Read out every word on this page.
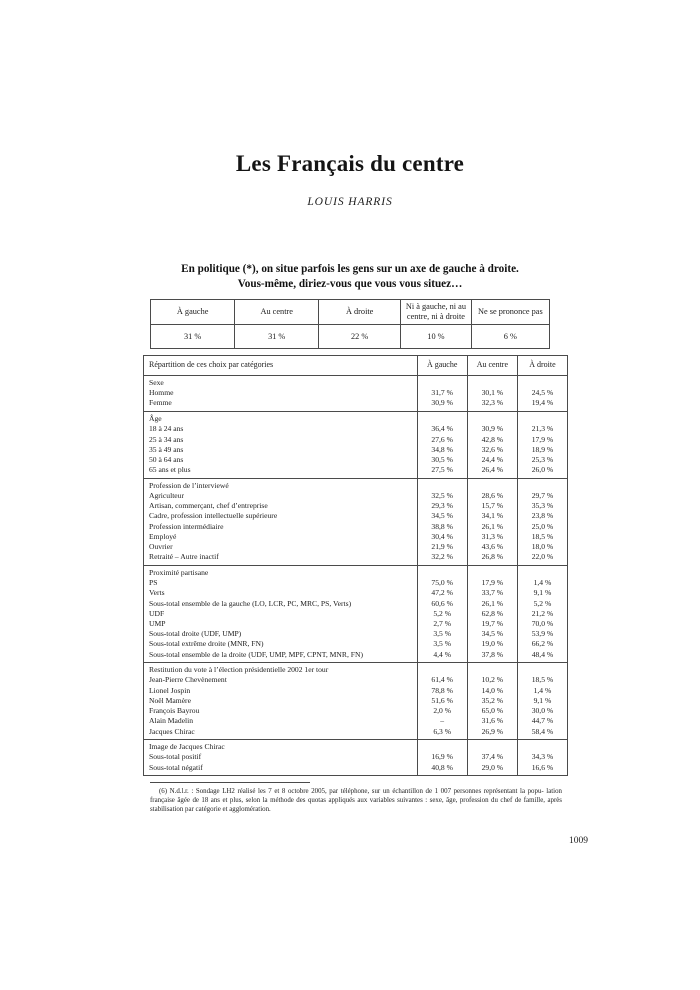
Les Français du centre
LOUIS HARRIS
En politique (*), on situe parfois les gens sur un axe de gauche à droite.
Vous-même, diriez-vous que vous vous situez…
À gauche	Au centre	À droite	Ni à gauche, ni au
centre, ni à droite	Ne se prononce pas
31 %	31 %	22 %	10 %	6 %
Répartition de ces choix par catégories	À gauche	Au centre	À droite
Sexe			
Homme	31,7 %	30,1 %	24,5 %
Femme	30,9 %	32,3 %	19,4 %
Âge			
18 à 24 ans	36,4 %	30,9 %	21,3 %
25 à 34 ans	27,6 %	42,8 %	17,9 %
35 à 49 ans	34,8 %	32,6 %	18,9 %
50 à 64 ans	30,5 %	24,4 %	25,3 %
65 ans et plus	27,5 %	26,4 %	26,0 %
Profession de l’interviewé			
Agriculteur	32,5 %	28,6 %	29,7 %
Artisan, commerçant, chef d’entreprise	29,3 %	15,7 %	35,3 %
Cadre, profession intellectuelle supérieure	34,5 %	34,1 %	23,8 %
Profession intermédiaire	38,8 %	26,1 %	25,0 %
Employé	30,4 %	31,3 %	18,5 %
Ouvrier	21,9 %	43,6 %	18,0 %
Retraité – Autre inactif	32,2 %	26,8 %	22,0 %
Proximité partisane			
PS	75,0 %	17,9 %	1,4 %
Verts	47,2 %	33,7 %	9,1 %
Sous-total ensemble de la gauche (LO, LCR, PC, MRC, PS, Verts)	60,6 %	26,1 %	5,2 %
UDF	5,2 %	62,8 %	21,2 %
UMP	2,7 %	19,7 %	70,0 %
Sous-total droite (UDF, UMP)	3,5 %	34,5 %	53,9 %
Sous-total extrême droite (MNR, FN)	3,5 %	19,0 %	66,2 %
Sous-total ensemble de la droite (UDF, UMP, MPF, CPNT, MNR, FN)	4,4 %	37,8 %	48,4 %
Restitution du vote à l’élection présidentielle 2002 1er tour			
Jean-Pierre Chevènement	61,4 %	10,2 %	18,5 %
Lionel Jospin	78,8 %	14,0 %	1,4 %
Noël Mamère	51,6 %	35,2 %	9,1 %
François Bayrou	2,0 %	65,0 %	30,0 %
Alain Madelin	–	31,6 %	44,7 %
Jacques Chirac	6,3 %	26,9 %	58,4 %
Image de Jacques Chirac			
Sous-total positif	16,9 %	37,4 %	34,3 %
Sous-total négatif	40,8 %	29,0 %	16,6 %
(6) N.d.l.r. : Sondage LH2 réalisé les 7 et 8 octobre 2005, par téléphone, sur un échantillon de 1 007 personnes représentant la popu- lation française âgée de 18 ans et plus, selon la méthode des quotas appliqués aux variables suivantes : sexe, âge, profession du chef de famille, après stabilisation par catégorie et agglomération.
1009
